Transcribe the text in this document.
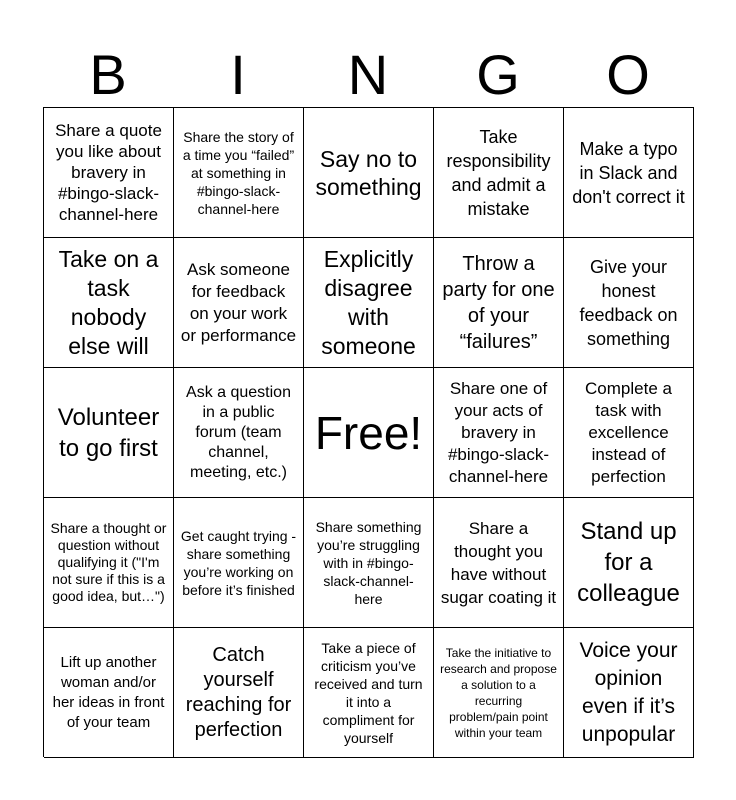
B	I	N	G	O
Share a quote you like about bravery in #bingo-slack-channel-here
Share the story of a time you “failed” at something in #bingo-slack-channel-here
Say no to something
Take responsibility and admit a mistake
Make a typo in Slack and don't correct it
Take on a task nobody else will
Ask someone for feedback on your work or performance
Explicitly disagree with someone
Throw a party for one of your “failures”
Give your honest feedback on something
Volunteer to go first
Ask a question in a public forum (team channel, meeting, etc.)
Free!
Share one of your acts of bravery in #bingo-slack-channel-here
Complete a task with excellence instead of perfection
Share a thought or question without qualifying it ("I'm not sure if this is a good idea, but…")
Get caught trying - share something you’re working on before it’s finished
Share something you’re struggling with in #bingo-slack-channel-here
Share a thought you have without sugar coating it
Stand up for a colleague
Lift up another woman and/or her ideas in front of your team
Catch yourself reaching for perfection
Take a piece of criticism you’ve received and turn it into a compliment for yourself
Take the initiative to research and propose a solution to a recurring problem/pain point within your team
Voice your opinion even if it’s unpopular
